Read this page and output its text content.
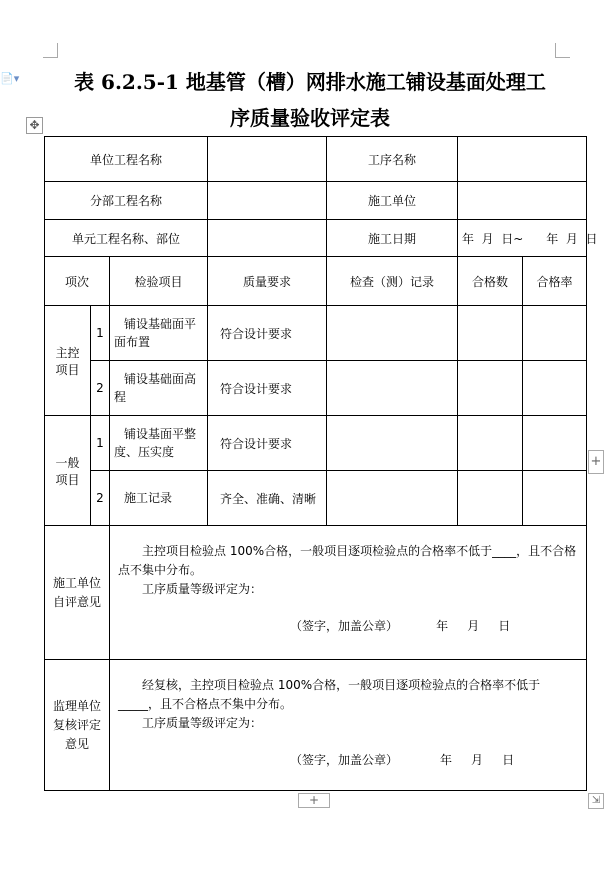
📄▾
✥
表 6.2.5-1 地基管（槽）网排水施工铺设基面处理工
序质量验收评定表
单位工程名称				工序名称		
分部工程名称				施工单位		
单元工程名称、部位				施工日期	年  月  日~      年  月  日	
项次		检验项目	质量要求	检查（测）记录	合格数	合格率
主控项目	1	铺设基础面平面布置	符合设计要求			
	2	铺设基础面高程	符合设计要求			
一般项目	1	铺设基面平整度、压实度	符合设计要求			
	2	施工记录	齐全、准确、清晰			
施工单位自评意见		主控项目检验点 100%合格，一般项目逐项检验点的合格率不低于____，且不合格点不集中分布。
工序质量等级评定为：
（签字，加盖公章）          年     月     日				

监理单位复核评定意见		经复核，主控项目检验点 100%合格，一般项目逐项检验点的合格率不低于_____，且不合格点不集中分布。
工序质量等级评定为：
（签字，加盖公章）           年     月     日				
+
+	⇲
